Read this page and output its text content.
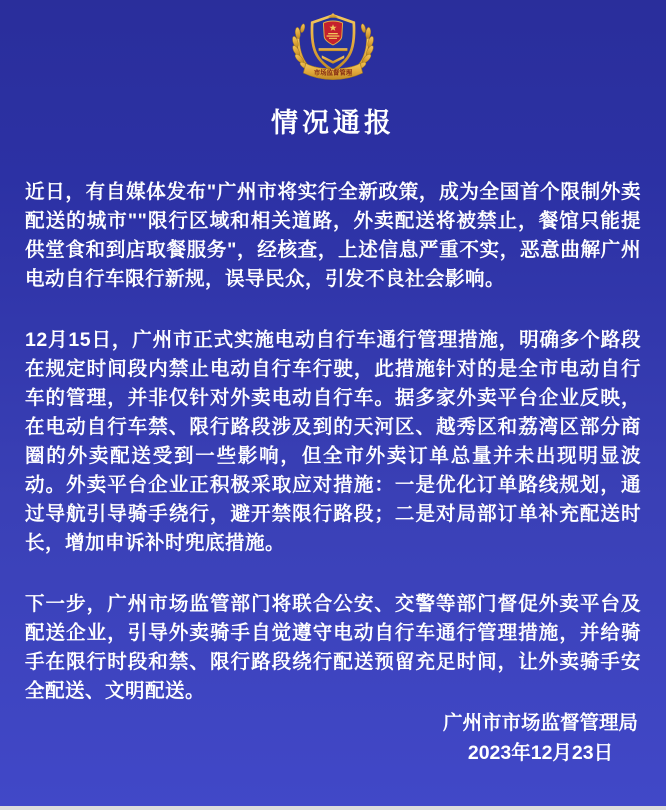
市场监督管理
情况通报

近日，有自媒体发布"广州市将实行全新政策，成为全国首个限制外卖配送的城市""限行区域和相关道路，外卖配送将被禁止，餐馆只能提供堂食和到店取餐服务"，经核查，上述信息严重不实，恶意曲解广州电动自行车限行新规，误导民众，引发不良社会影响。

12月15日，广州市正式实施电动自行车通行管理措施，明确多个路段在规定时间段内禁止电动自行车行驶，此措施针对的是全市电动自行车的管理，并非仅针对外卖电动自行车。据多家外卖平台企业反映，在电动自行车禁、限行路段涉及到的天河区、越秀区和荔湾区部分商圈的外卖配送受到一些影响，但全市外卖订单总量并未出现明显波动。外卖平台企业正积极采取应对措施：一是优化订单路线规划，通过导航引导骑手绕行，避开禁限行路段；二是对局部订单补充配送时长，增加申诉补时兜底措施。

下一步，广州市场监管部门将联合公安、交警等部门督促外卖平台及配送企业，引导外卖骑手自觉遵守电动自行车通行管理措施，并给骑手在限行时段和禁、限行路段绕行配送预留充足时间，让外卖骑手安全配送、文明配送。

广州市市场监督管理局
2023年12月23日
